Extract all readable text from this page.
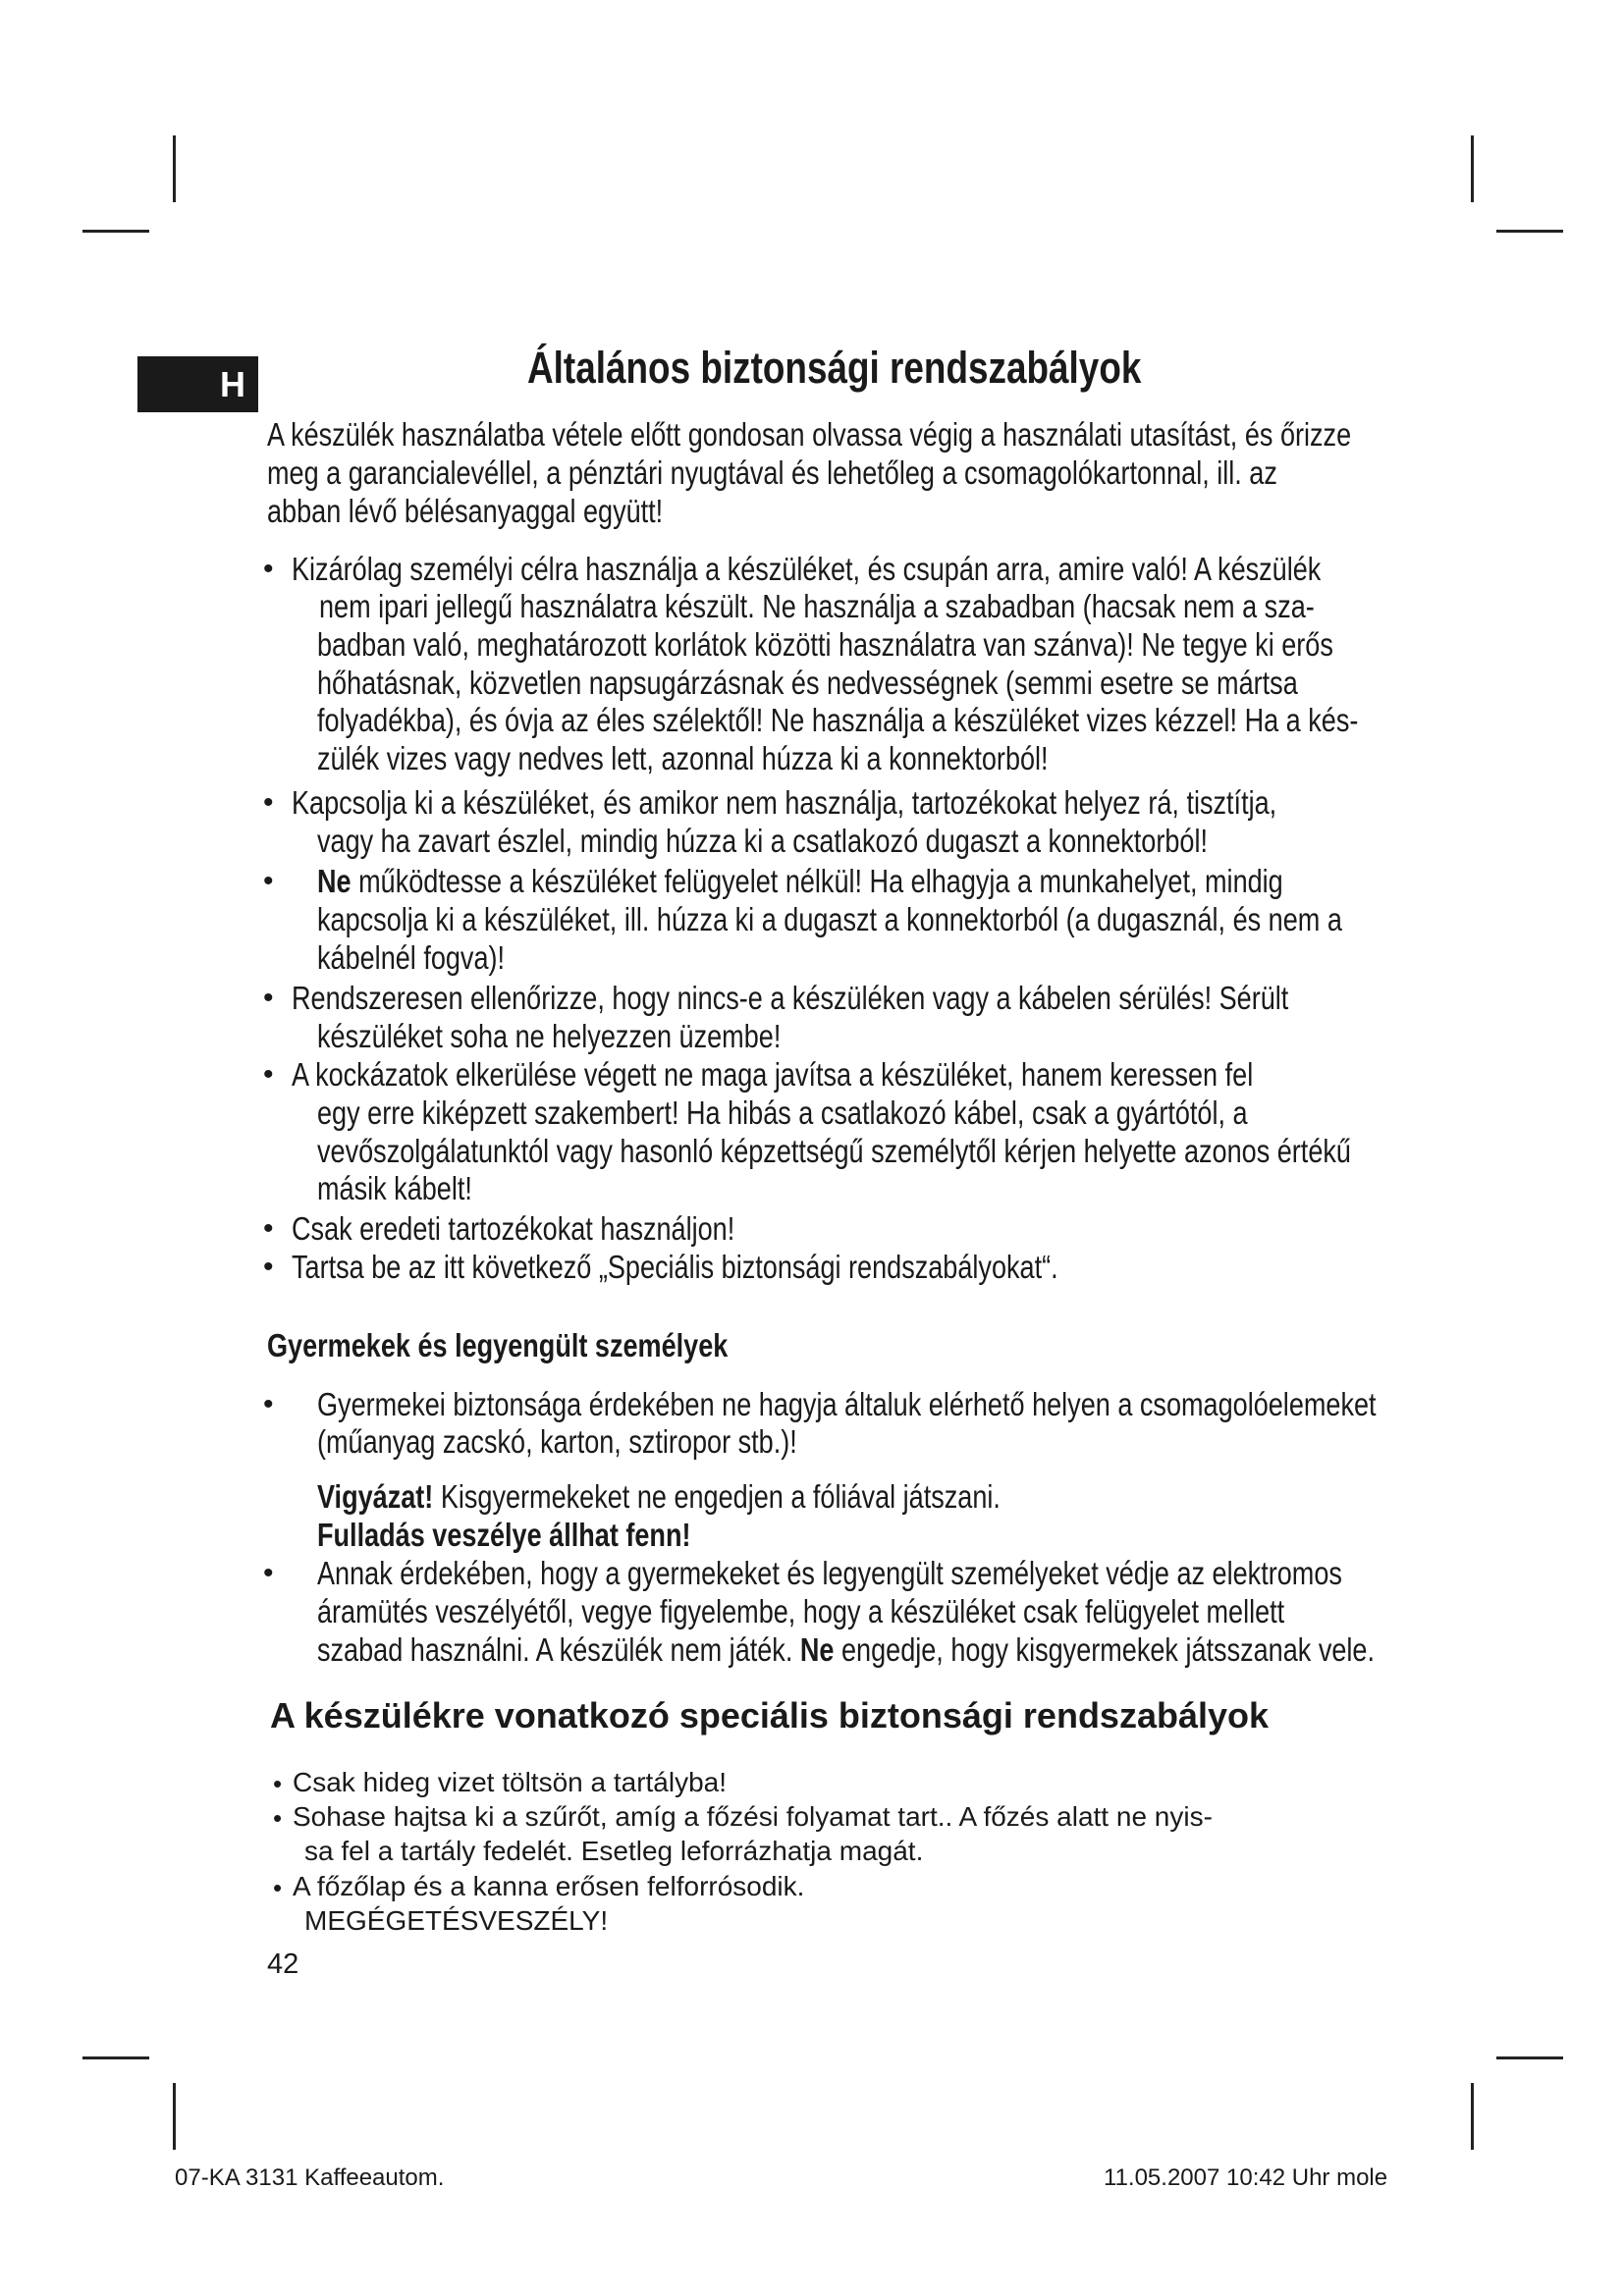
H	Általános biztonsági rendszabályok
A készülék használatba vétele előtt gondosan olvassa végig a használati utasítást, és őrizze
meg a garancialevéllel, a pénztári nyugtával és lehetőleg a csomagolókartonnal, ill. az
abban lévő bélésanyaggal együtt!
• Kizárólag személyi célra használja a készüléket, és csupán arra, amire való! A készülék
nem ipari jellegű használatra készült. Ne használja a szabadban (hacsak nem a sza-
badban való, meghatározott korlátok közötti használatra van szánva)! Ne tegye ki erős
hőhatásnak, közvetlen napsugárzásnak és nedvességnek (semmi esetre se mártsa
folyadékba), és óvja az éles szélektől! Ne használja a készüléket vizes kézzel! Ha a kés-
zülék vizes vagy nedves lett, azonnal húzza ki a konnektorból!
• Kapcsolja ki a készüléket, és amikor nem használja, tartozékokat helyez rá, tisztítja,
vagy ha zavart észlel, mindig húzza ki a csatlakozó dugaszt a konnektorból!
• Ne működtesse a készüléket felügyelet nélkül! Ha elhagyja a munkahelyet, mindig
kapcsolja ki a készüléket, ill. húzza ki a dugaszt a konnektorból (a dugasznál, és nem a
kábelnél fogva)!
• Rendszeresen ellenőrizze, hogy nincs-e a készüléken vagy a kábelen sérülés! Sérült
készüléket soha ne helyezzen üzembe!
• A kockázatok elkerülése végett ne maga javítsa a készüléket, hanem keressen fel
egy erre kiképzett szakembert! Ha hibás a csatlakozó kábel, csak a gyártótól, a
vevőszolgálatunktól vagy hasonló képzettségű személytől kérjen helyette azonos értékű
másik kábelt!
• Csak eredeti tartozékokat használjon!
• Tartsa be az itt következő „Speciális biztonsági rendszabályokat“.
Gyermekek és legyengült személyek
• Gyermekei biztonsága érdekében ne hagyja általuk elérhető helyen a csomagolóelemeket
(műanyag zacskó, karton, sztiropor stb.)!
Vigyázat! Kisgyermekeket ne engedjen a fóliával játszani.
Fulladás veszélye állhat fenn!
• Annak érdekében, hogy a gyermekeket és legyengült személyeket védje az elektromos
áramütés veszélyétől, vegye figyelembe, hogy a készüléket csak felügyelet mellett
szabad használni. A készülék nem játék. Ne engedje, hogy kisgyermekek játsszanak vele.
A készülékre vonatkozó speciális biztonsági rendszabályok
• Csak hideg vizet töltsön a tartályba!
• Sohase hajtsa ki a szűrőt, amíg a főzési folyamat tart.. A főzés alatt ne nyis-
sa fel a tartály fedelét. Esetleg leforrázhatja magát.
• A főzőlap és a kanna erősen felforrósodik.
MEGÉGETÉSVESZÉLY!
42
07-KA 3131 Kaffeeautom.	11.05.2007 10:42 Uhr mole
